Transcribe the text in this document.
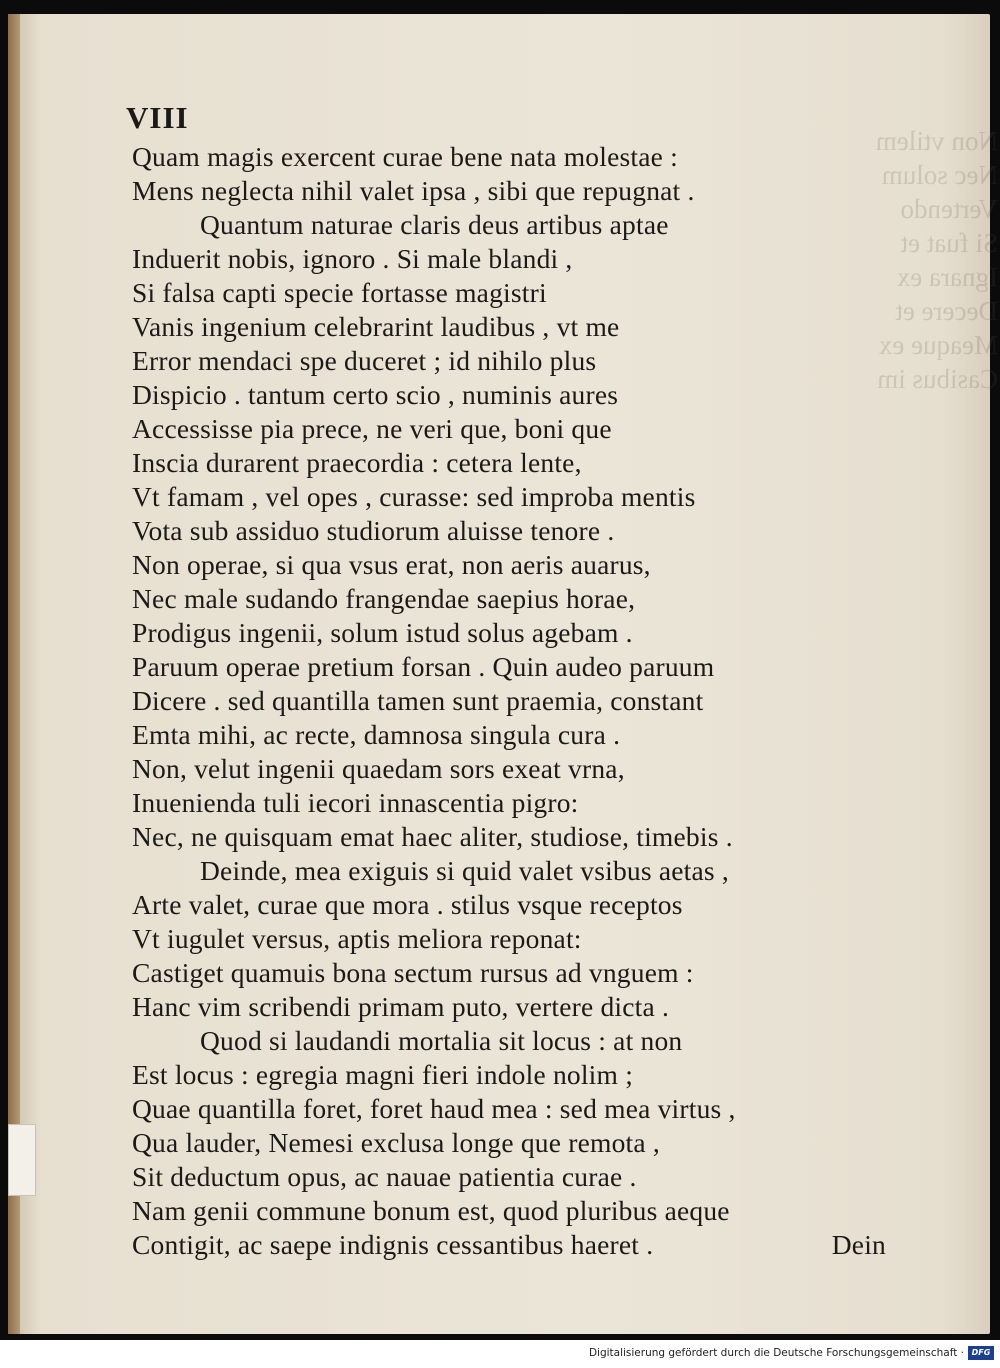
Non vtilem
Nec solum
Vertendo
Si fuat et
Ignara ex
Decere et
Meaque ex
Casibus im
VIII
Quam magis exercent curae bene nata molestae :
Mens neglecta nihil valet ipsa , sibi que repugnat .
Quantum naturae claris deus artibus aptae
Induerit nobis, ignoro . Si male blandi ,
Si falsa capti specie fortasse magistri
Vanis ingenium celebrarint laudibus , vt me
Error mendaci spe duceret ; id nihilo plus
Dispicio . tantum certo scio , numinis aures
Accessisse pia prece, ne veri que, boni que
Inscia durarent praecordia : cetera lente,
Vt famam , vel opes , curasse: sed improba mentis
Vota sub assiduo studiorum aluisse tenore .
Non operae, si qua vsus erat, non aeris auarus,
Nec male sudando frangendae saepius horae,
Prodigus ingenii, solum istud solus agebam .
Paruum operae pretium forsan . Quin audeo paruum
Dicere . sed quantilla tamen sunt praemia, constant
Emta mihi, ac recte, damnosa singula cura .
Non, velut ingenii quaedam sors exeat vrna,
Inuenienda tuli iecori innascentia pigro:
Nec, ne quisquam emat haec aliter, studiose, timebis .
Deinde, mea exiguis si quid valet vsibus aetas ,
Arte valet, curae que mora . stilus vsque receptos
Vt iugulet versus, aptis meliora reponat:
Castiget quamuis bona sectum rursus ad vnguem :
Hanc vim scribendi primam puto, vertere dicta .
Quod si laudandi mortalia sit locus : at non
Est locus : egregia magni fieri indole nolim ;
Quae quantilla foret, foret haud mea : sed mea virtus ,
Qua lauder, Nemesi exclusa longe que remota ,
Sit deductum opus, ac nauae patientia curae .
Nam genii commune bonum est, quod pluribus aeque
Contigit, ac saepe indignis cessantibus haeret .	Dein
Digitalisierung gefördert durch die Deutsche Forschungsgemeinschaft · DFG
